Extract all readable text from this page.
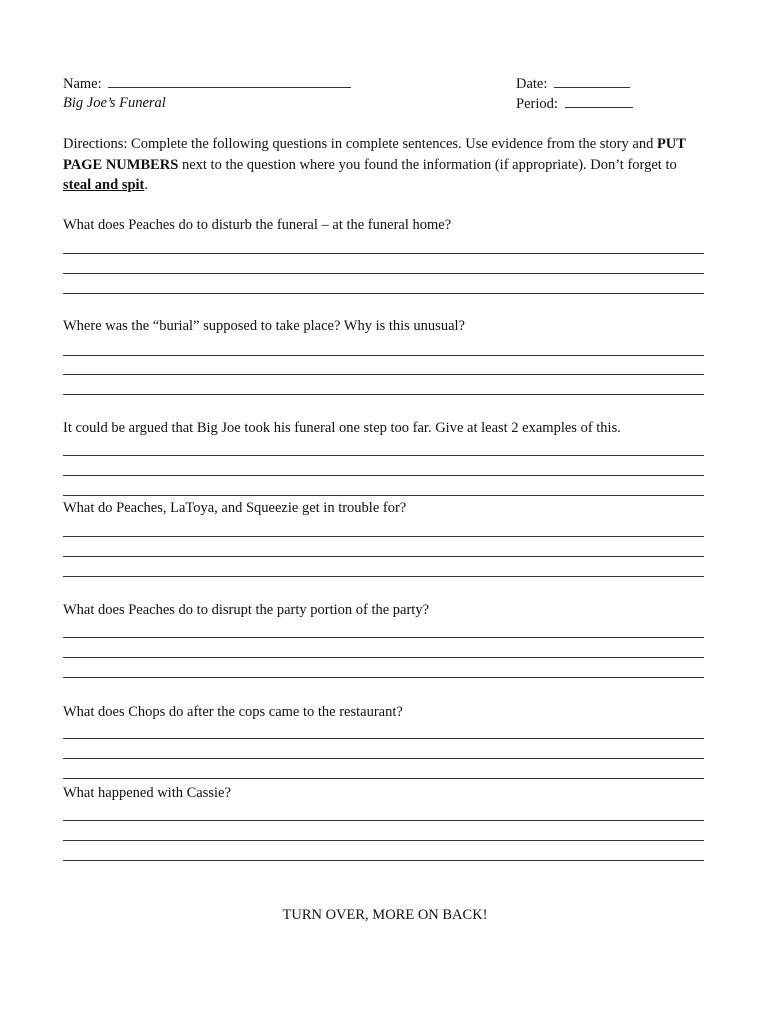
Name:
Big Joe’s Funeral
Date:
Period:
Directions: Complete the following questions in complete sentences. Use evidence from the story and PUT PAGE NUMBERS next to the question where you found the information (if appropriate). Don’t forget to steal and spit.
What does Peaches do to disturb the funeral – at the funeral home?
Where was the “burial” supposed to take place? Why is this unusual?
It could be argued that Big Joe took his funeral one step too far. Give at least 2 examples of this.
What do Peaches, LaToya, and Squeezie get in trouble for?
What does Peaches do to disrupt the party portion of the party?
What does Chops do after the cops came to the restaurant?
What happened with Cassie?
TURN OVER, MORE ON BACK!
